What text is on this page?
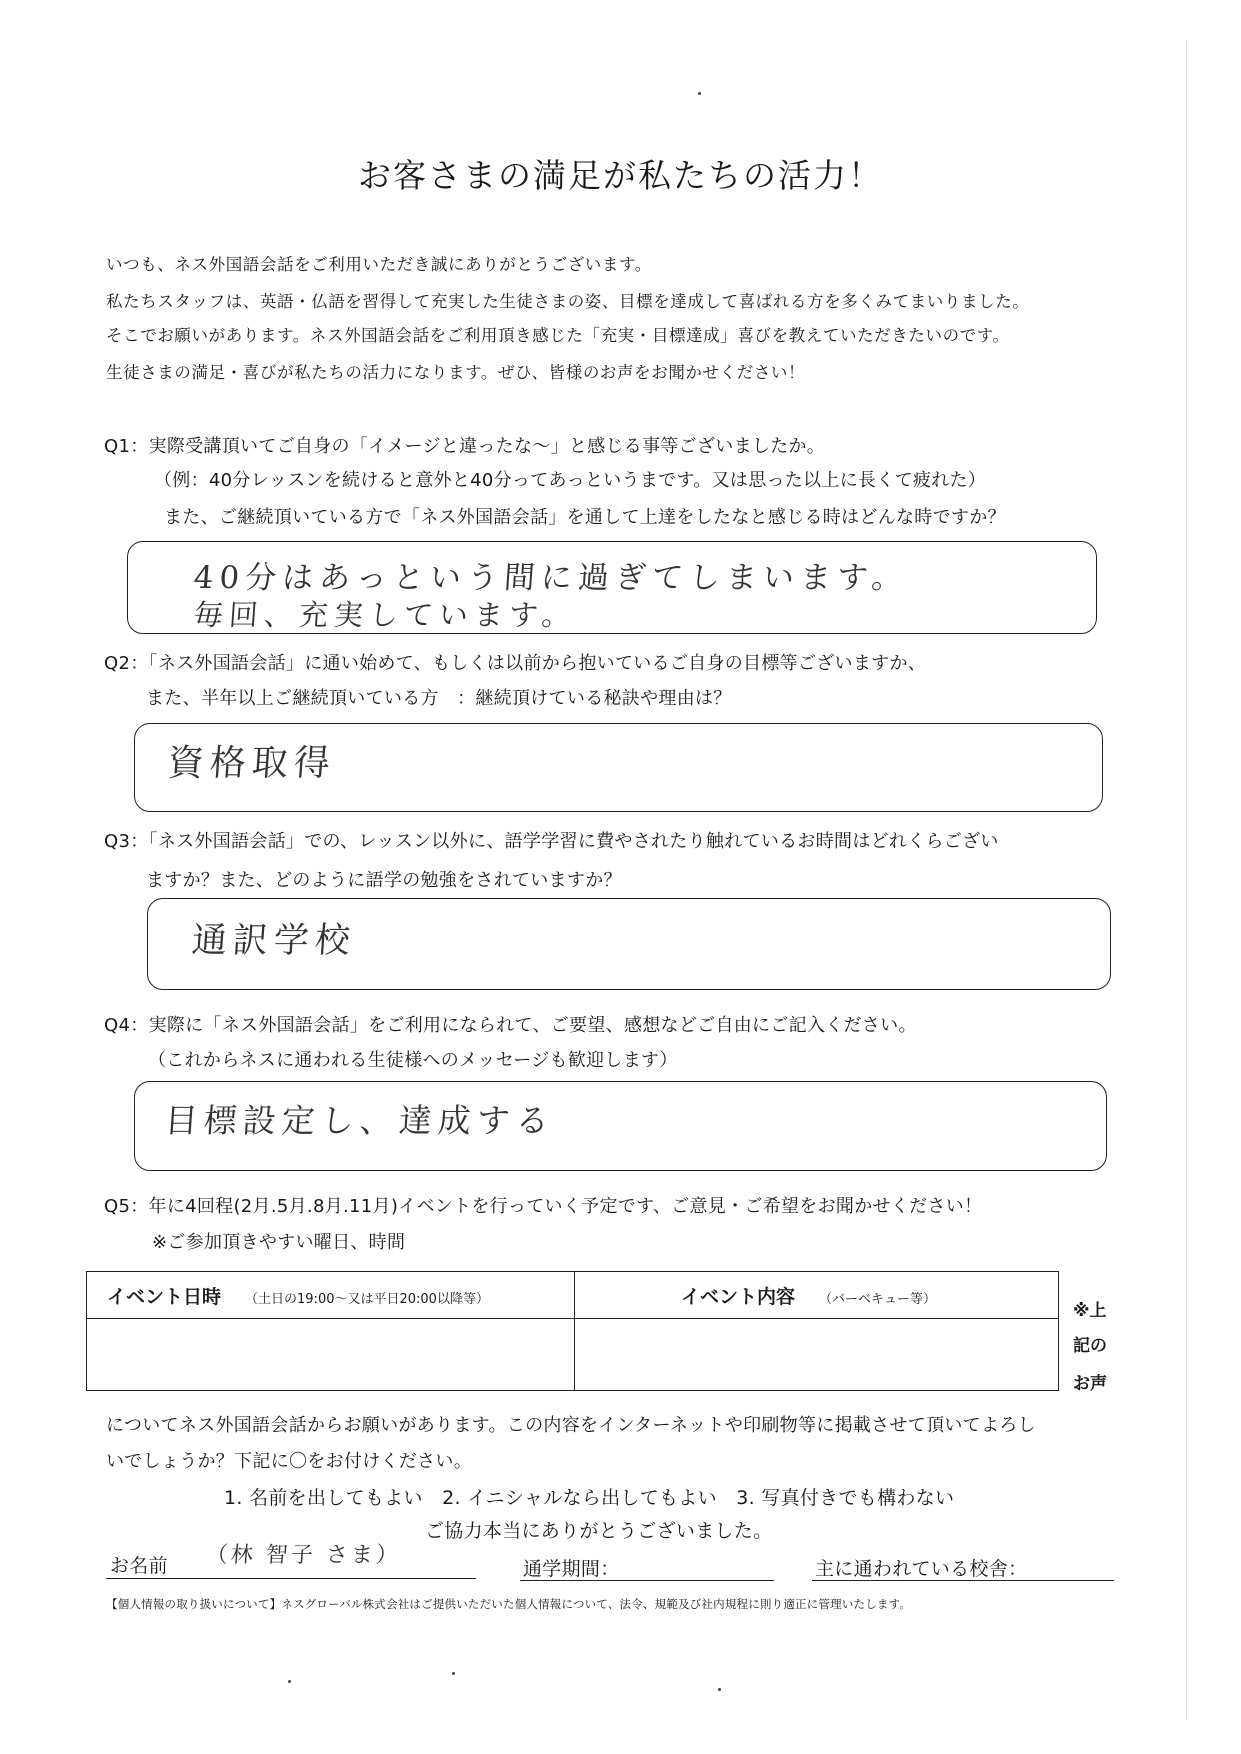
お客さまの満足が私たちの活力！
いつも、ネス外国語会話をご利用いただき誠にありがとうございます。
私たちスタッフは、英語・仏語を習得して充実した生徒さまの姿、目標を達成して喜ばれる方を多くみてまいりました。
そこでお願いがあります。ネス外国語会話をご利用頂き感じた「充実・目標達成」喜びを教えていただきたいのです。
生徒さまの満足・喜びが私たちの活力になります。ぜひ、皆様のお声をお聞かせください！
Q1：実際受講頂いてご自身の「イメージと違ったな～」と感じる事等ございましたか。
（例：40分レッスンを続けると意外と40分ってあっというまです。又は思った以上に長くて疲れた）
また、ご継続頂いている方で「ネス外国語会話」を通して上達をしたなと感じる時はどんな時ですか？
40分はあっという間に過ぎてしまいます。
毎回、充実しています。
Q2：「ネス外国語会話」に通い始めて、もしくは以前から抱いているご自身の目標等ございますか、
また、半年以上ご継続頂いている方　：継続頂けている秘訣や理由は？
資格取得
Q3：「ネス外国語会話」での、レッスン以外に、語学学習に費やされたり触れているお時間はどれくらござい
ますか？また、どのように語学の勉強をされていますか？
通訳学校
Q4：実際に「ネス外国語会話」をご利用になられて、ご要望、感想などご自由にご記入ください。
（これからネスに通われる生徒様へのメッセージも歓迎します）
目標設定し、達成する
Q5：年に4回程(2月.5月.8月.11月)イベントを行っていく予定です、ご意見・ご希望をお聞かせください！
※ご参加頂きやすい曜日、時間
イベント日時 （土日の19:00～又は平日20:00以降等）	イベント内容 （バーベキュー等）

※上
記の
お声
についてネス外国語会話からお願いがあります。この内容をインターネットや印刷物等に掲載させて頂いてよろし
いでしょうか？下記に〇をお付けください。
1. 名前を出してもよい　2. イニシャルなら出してもよい　3. 写真付きでも構わない
ご協力本当にありがとうございました。
お名前 （林 智子 さま）
通学期間：	主に通われている校舎：
【個人情報の取り扱いについて】ネスグローバル株式会社はご提供いただいた個人情報について、法令、規範及び社内規程に則り適正に管理いたします。
